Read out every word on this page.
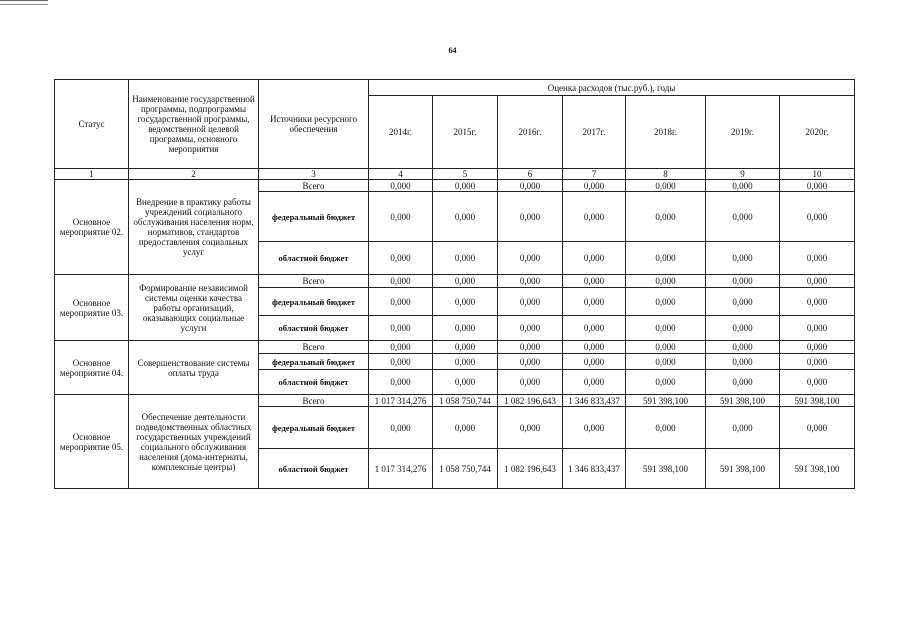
64
Статус	Наименование государственной программы, подпрограммы государственной программы, ведомственной целевой программы, основного мероприятия	Источники ресурсного обеспечения	Оценка расходов (тыс.руб.), годы						
			2014г.	2015г.	2016г.	2017г.	2018г.	2019г.	2020г.
1	2	3	4	5	6	7	8	9	10
Основное мероприятие 02.	Внедрение в практику работы учреждений социального обслуживания населения норм, нормативов, стандартов предоставления социальных услуг	Всего	0,000	0,000	0,000	0,000	0,000	0,000	0,000
		федеральный бюджет	0,000	0,000	0,000	0,000	0,000	0,000	0,000
		областной бюджет	0,000	0,000	0,000	0,000	0,000	0,000	0,000
Основное мероприятие 03.	Формирование независимой системы оценки качества работы организаций, оказывающих социальные услуги	Всего	0,000	0,000	0,000	0,000	0,000	0,000	0,000
		федеральный бюджет	0,000	0,000	0,000	0,000	0,000	0,000	0,000
		областной бюджет	0,000	0,000	0,000	0,000	0,000	0,000	0,000
Основное мероприятие 04.	Совершенствование системы оплаты труда	Всего	0,000	0,000	0,000	0,000	0,000	0,000	0,000
		федеральный бюджет	0,000	0,000	0,000	0,000	0,000	0,000	0,000
		областной бюджет	0,000	0,000	0,000	0,000	0,000	0,000	0,000
Основное мероприятие 05.	Обеспечение деятельности подведомственных областных государственных учреждений социального обслуживания населения (дома-интернаты, комплексные центры)	Всего	1 017 314,276	1 058 750,744	1 082 196,643	1 346 833,437	591 398,100	591 398,100	591 398,100
		федеральный бюджет	0,000	0,000	0,000	0,000	0,000	0,000	0,000
		областной бюджет	1 017 314,276	1 058 750,744	1 082 196,643	1 346 833,437	591 398,100	591 398,100	591 398,100
